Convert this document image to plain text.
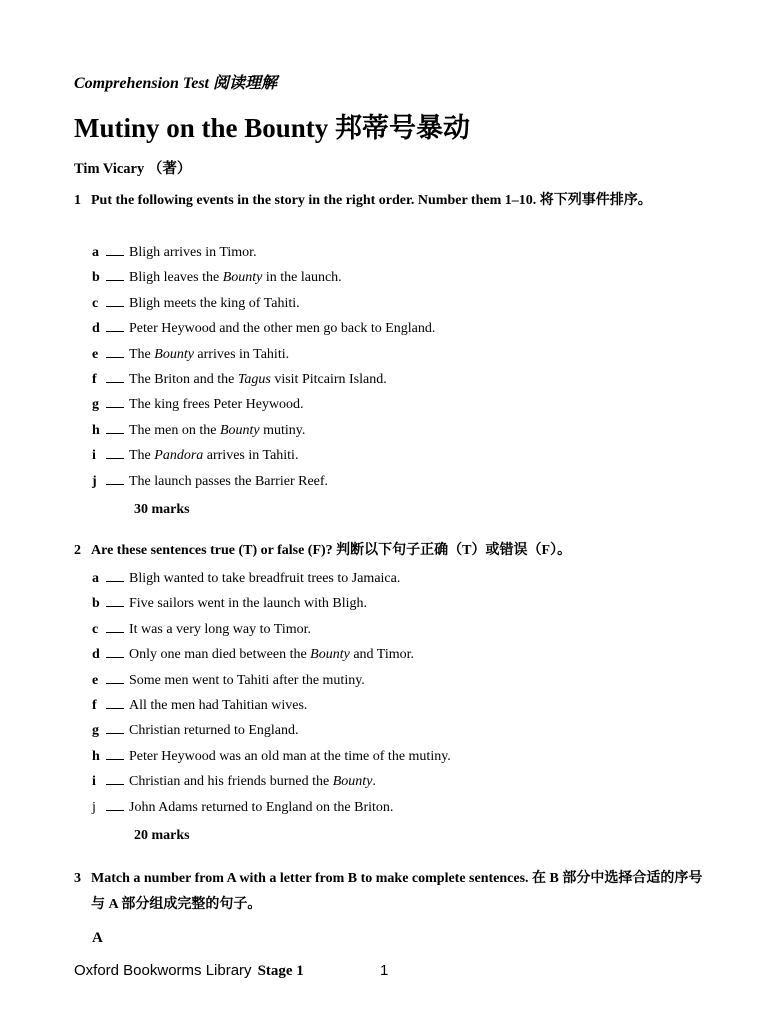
Comprehension Test 阅读理解
Mutiny on the Bounty 邦蒂号暴动
Tim Vicary （著）
1 Put the following events in the story in the right order. Number them 1–10. 将下列事件排序。
a Bligh arrives in Timor.
b Bligh leaves the Bounty in the launch.
c Bligh meets the king of Tahiti.
d Peter Heywood and the other men go back to England.
e The Bounty arrives in Tahiti.
f The Briton and the Tagus visit Pitcairn Island.
g The king frees Peter Heywood.
h The men on the Bounty mutiny.
i The Pandora arrives in Tahiti.
j The launch passes the Barrier Reef.
30 marks
2 Are these sentences true (T) or false (F)? 判断以下句子正确（T）或错误（F）。
a Bligh wanted to take breadfruit trees to Jamaica.
b Five sailors went in the launch with Bligh.
c It was a very long way to Timor.
d Only one man died between the Bounty and Timor.
e Some men went to Tahiti after the mutiny.
f All the men had Tahitian wives.
g Christian returned to England.
h Peter Heywood was an old man at the time of the mutiny.
i Christian and his friends burned the Bounty.
j John Adams returned to England on the Briton.
20 marks
3 Match a number from A with a letter from B to make complete sentences. 在 B 部分中选择合适的序号与 A 部分组成完整的句子。
A
Oxford Bookworms Library Stage 1	1
